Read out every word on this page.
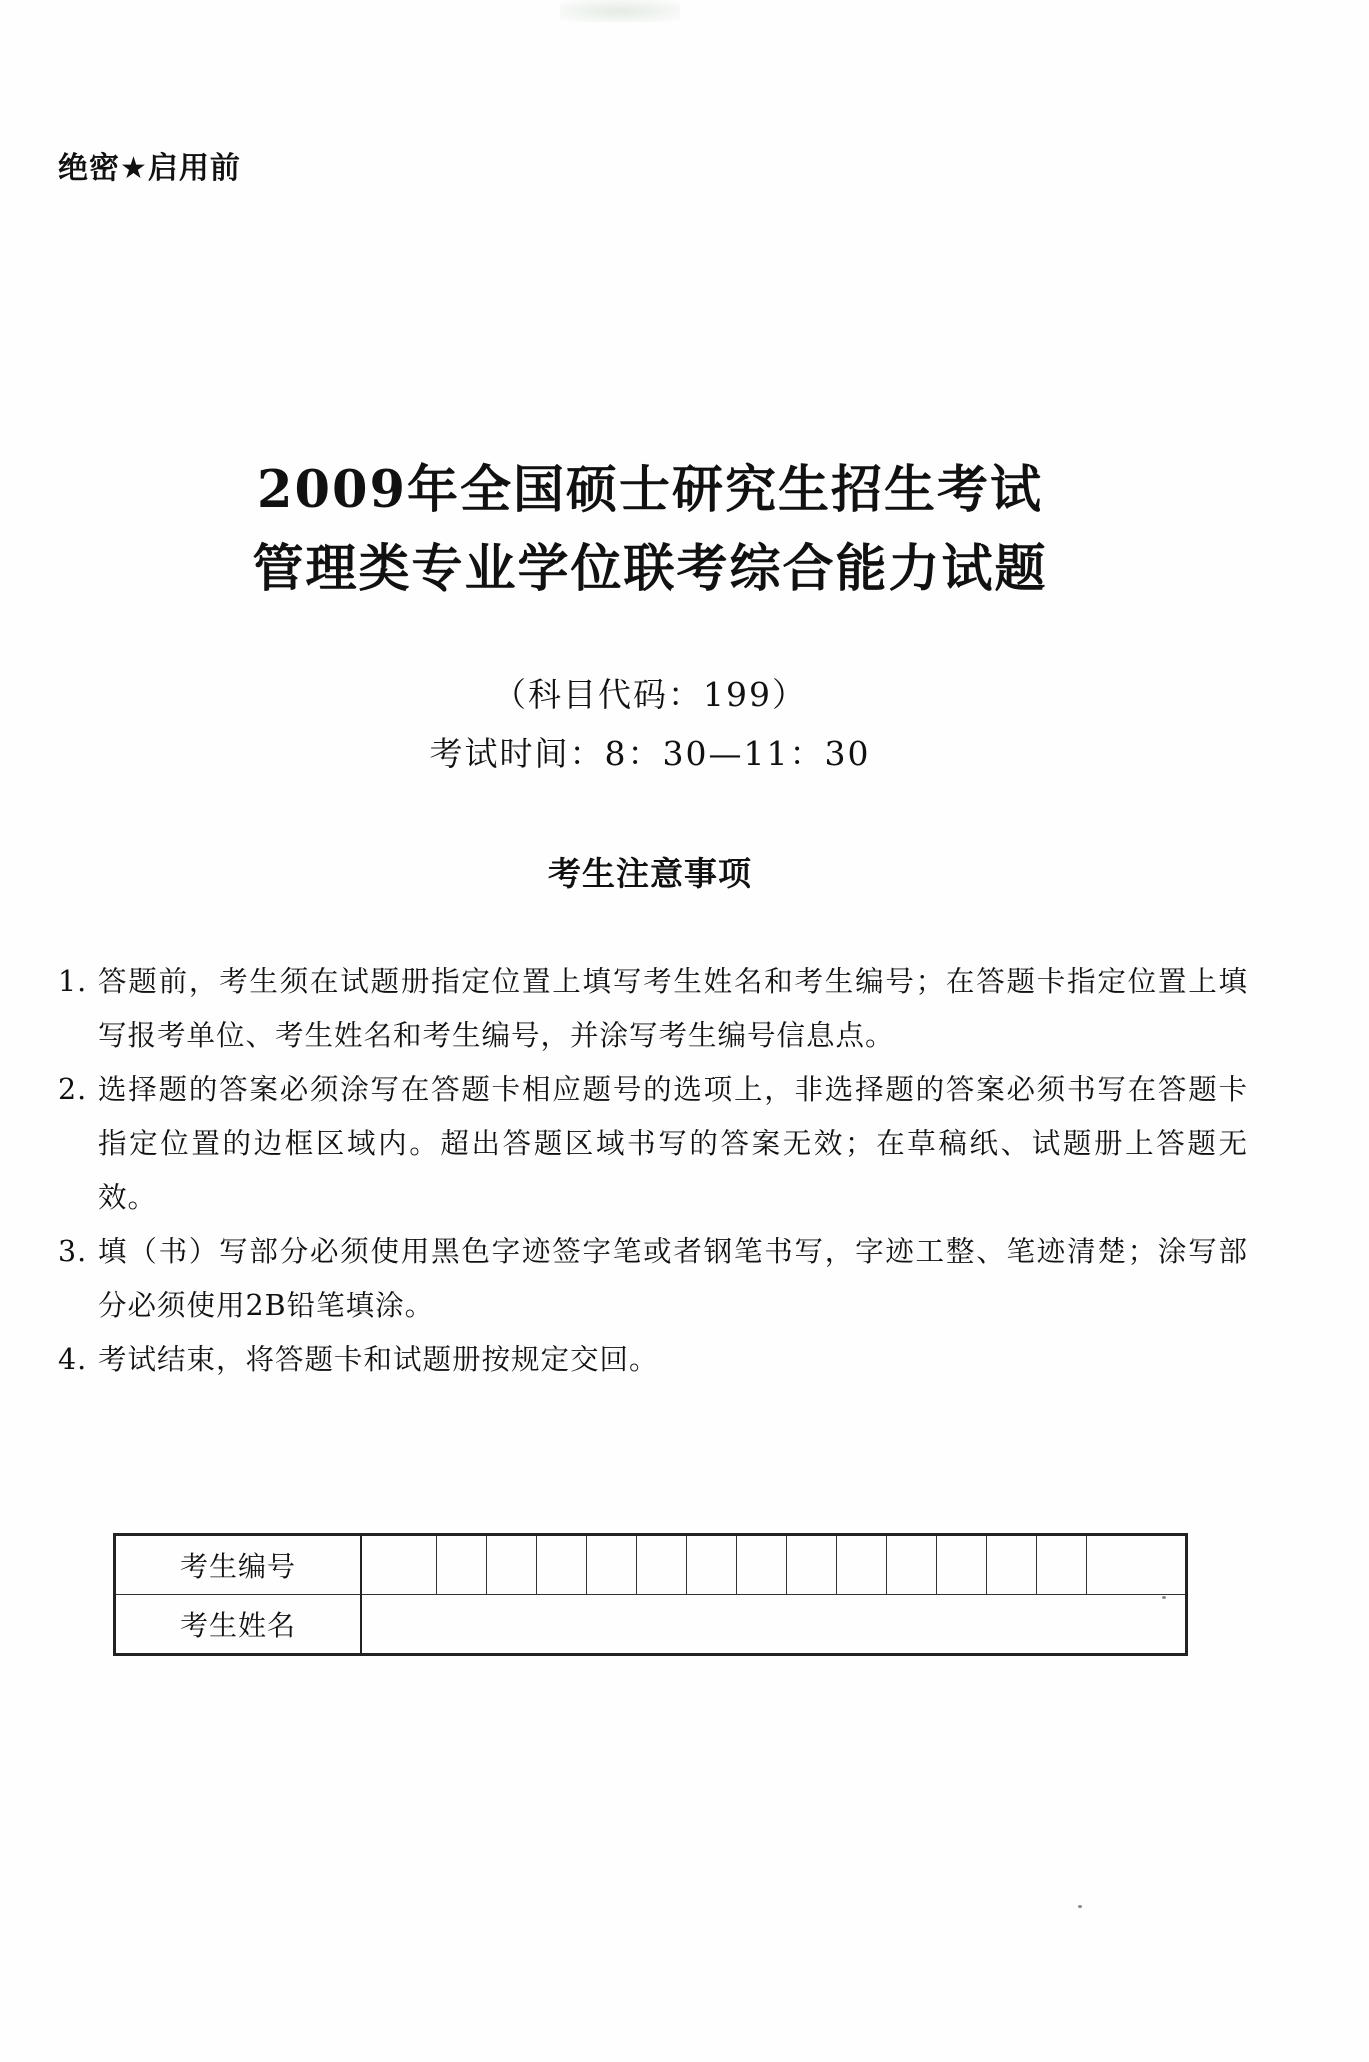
绝密★启用前
2009年全国硕士研究生招生考试
管理类专业学位联考综合能力试题
（科目代码：199）
考试时间：8：30—11：30
考生注意事项
1. 答题前，考生须在试题册指定位置上填写考生姓名和考生编号；在答题卡指定位置上填写报考单位、考生姓名和考生编号，并涂写考生编号信息点。
2. 选择题的答案必须涂写在答题卡相应题号的选项上，非选择题的答案必须书写在答题卡指定位置的边框区域内。超出答题区域书写的答案无效；在草稿纸、试题册上答题无效。
3. 填（书）写部分必须使用黑色字迹签字笔或者钢笔书写，字迹工整、笔迹清楚；涂写部分必须使用2B铅笔填涂。
4. 考试结束，将答题卡和试题册按规定交回。
考生编号															
考生姓名															
